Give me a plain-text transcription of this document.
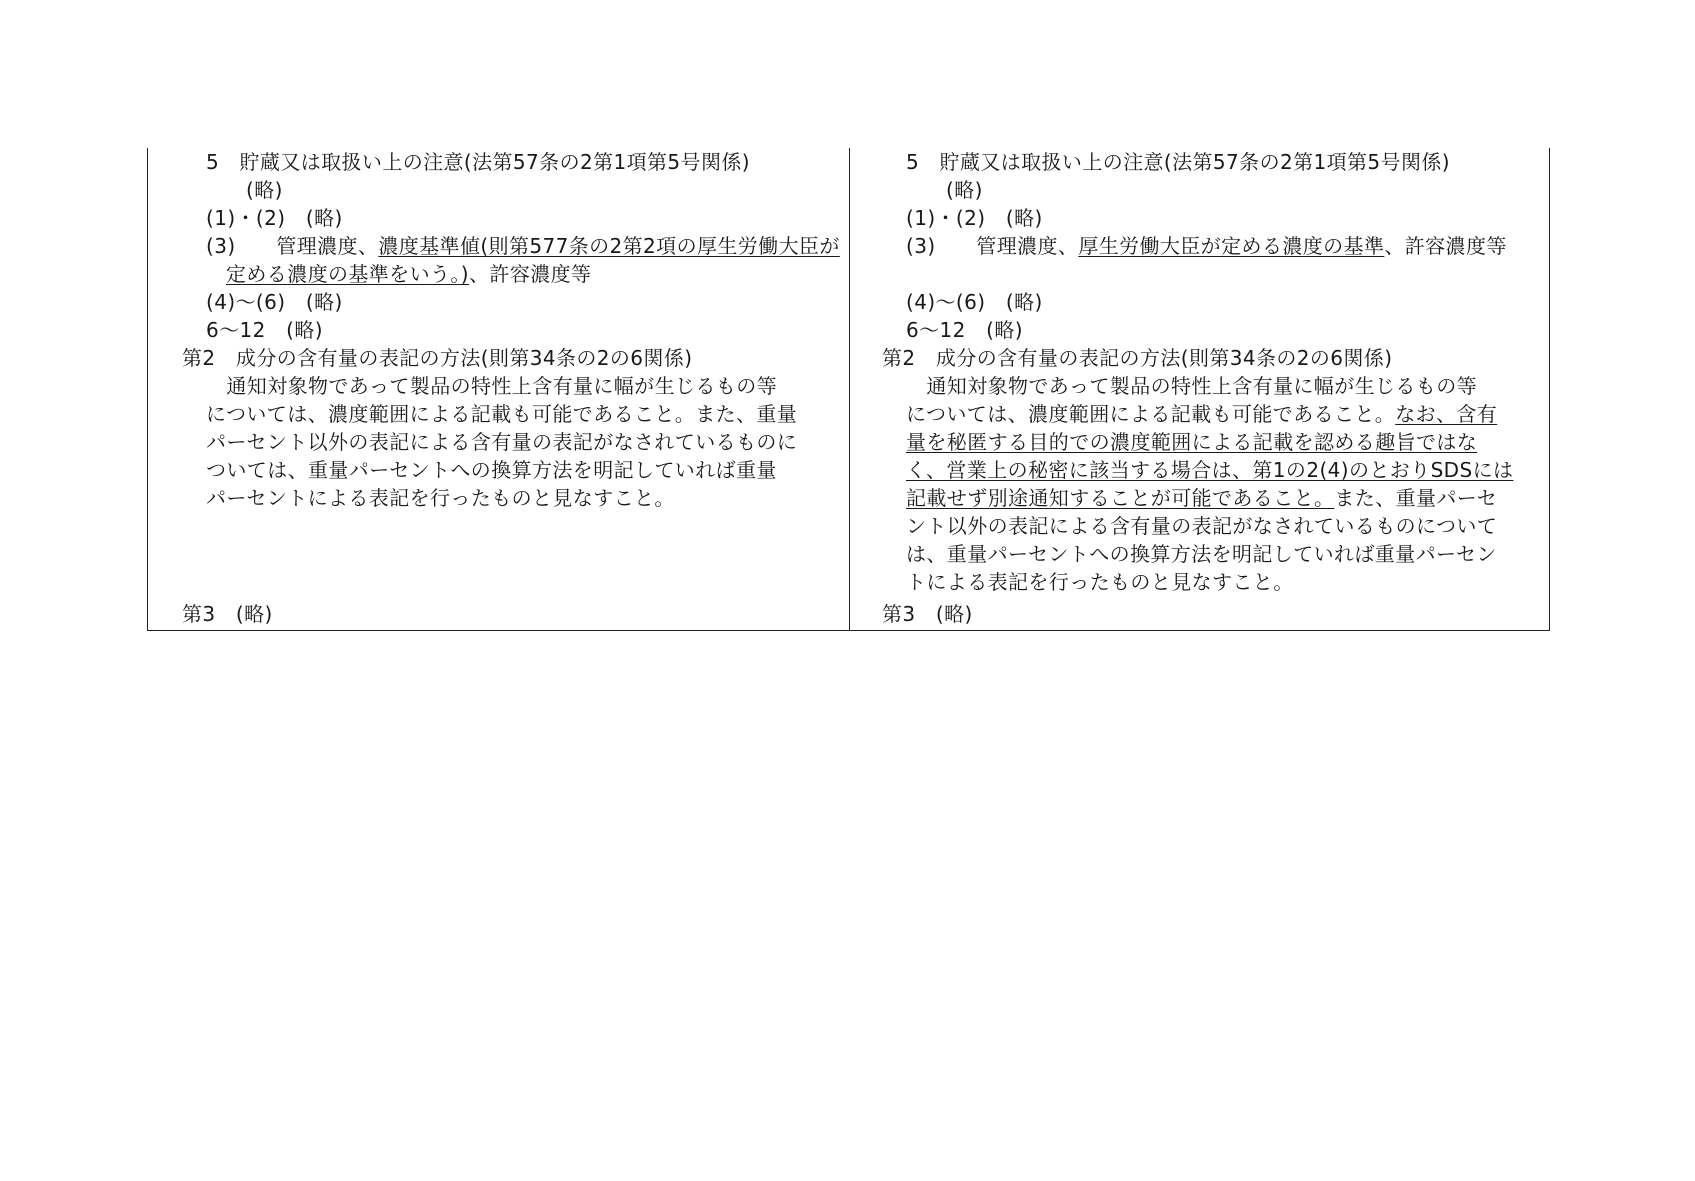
5　貯蔵又は取扱い上の注意(法第57条の2第1項第5号関係)
(略)
(1)・(2)　(略)
(3)　　管理濃度、濃度基準値(則第577条の2第2項の厚生労働大臣が
定める濃度の基準をいう。)、許容濃度等
(4)～(6)　(略)
6～12　(略)
第2　成分の含有量の表記の方法(則第34条の2の6関係)
　通知対象物であって製品の特性上含有量に幅が生じるもの等
については、濃度範囲による記載も可能であること。また、重量
パーセント以外の表記による含有量の表記がなされているものに
ついては、重量パーセントへの換算方法を明記していれば重量
パーセントによる表記を行ったものと見なすこと。
第3　(略)
5　貯蔵又は取扱い上の注意(法第57条の2第1項第5号関係)
(略)
(1)・(2)　(略)
(3)　　管理濃度、厚生労働大臣が定める濃度の基準、許容濃度等
(4)～(6)　(略)
6～12　(略)
第2　成分の含有量の表記の方法(則第34条の2の6関係)
　通知対象物であって製品の特性上含有量に幅が生じるもの等
については、濃度範囲による記載も可能であること。なお、含有
量を秘匿する目的での濃度範囲による記載を認める趣旨ではな
く、営業上の秘密に該当する場合は、第1の2(4)のとおりSDSには
記載せず別途通知することが可能であること。また、重量パーセ
ント以外の表記による含有量の表記がなされているものについて
は、重量パーセントへの換算方法を明記していれば重量パーセン
トによる表記を行ったものと見なすこと。
第3　(略)
